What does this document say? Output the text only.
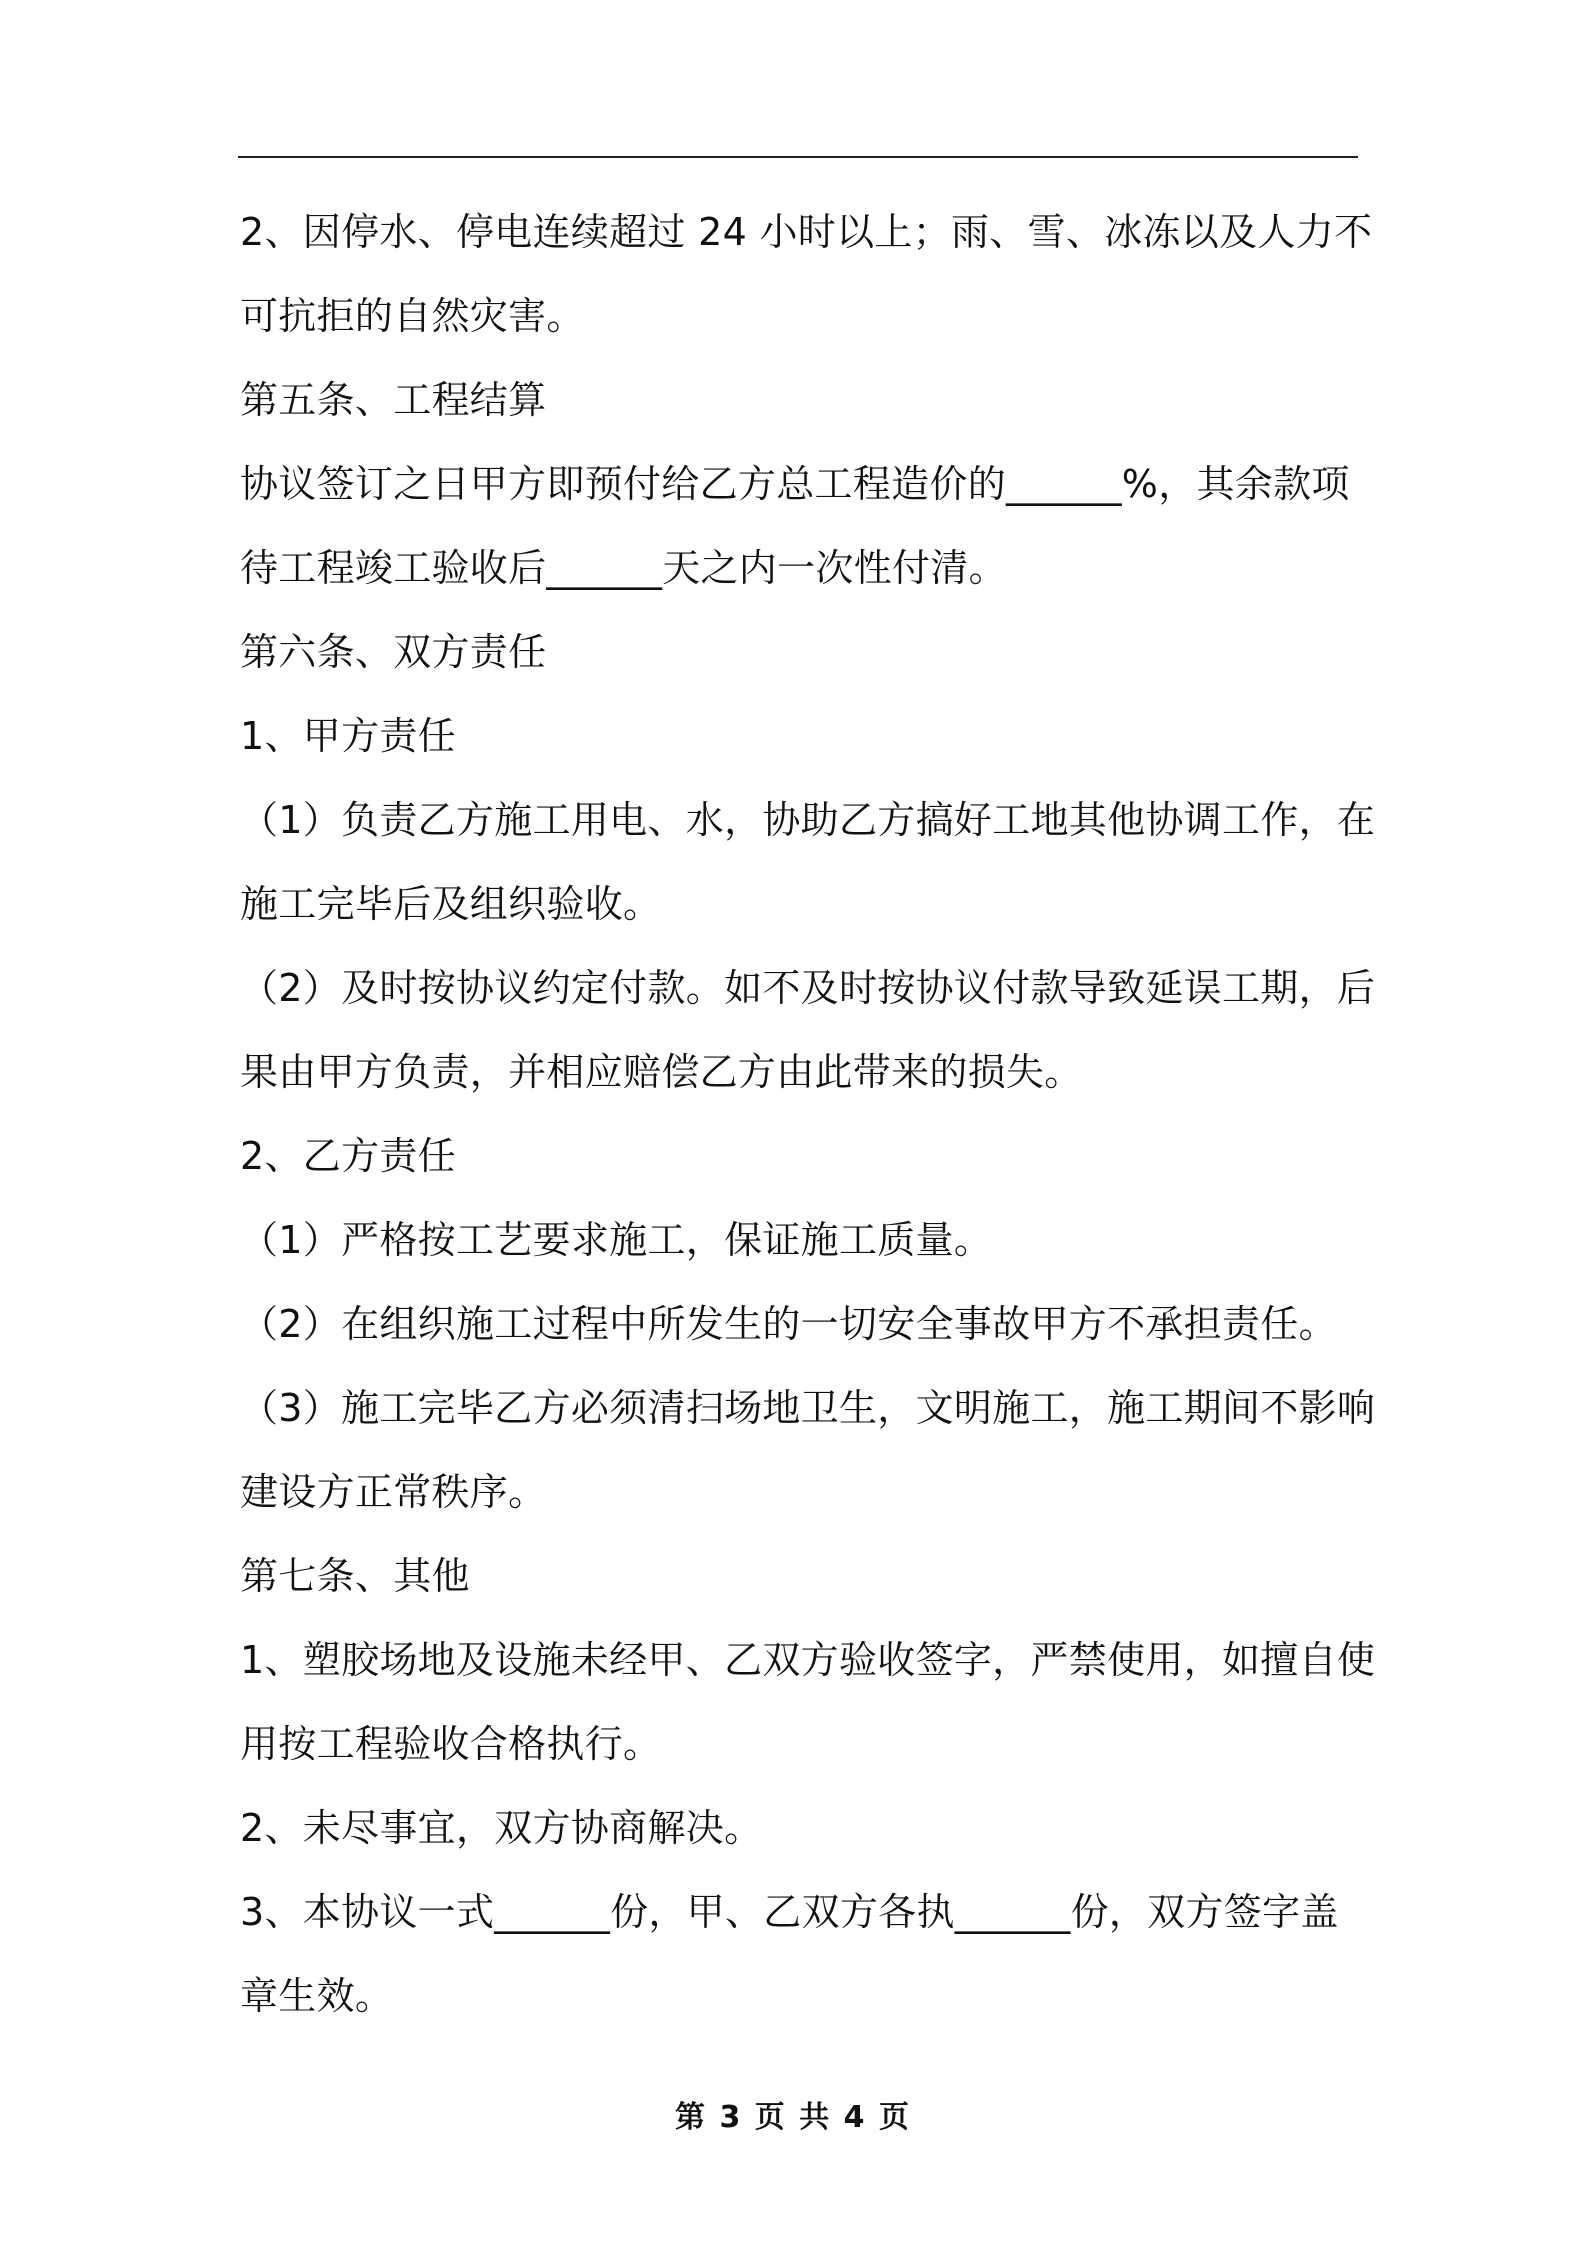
2、因停水、停电连续超过 24 小时以上；雨、雪、冰冻以及人力不
可抗拒的自然灾害。
第五条、工程结算
协议签订之日甲方即预付给乙方总工程造价的______%，其余款项
待工程竣工验收后______天之内一次性付清。
第六条、双方责任
1、甲方责任
（1）负责乙方施工用电、水，协助乙方搞好工地其他协调工作，在
施工完毕后及组织验收。
（2）及时按协议约定付款。如不及时按协议付款导致延误工期，后
果由甲方负责，并相应赔偿乙方由此带来的损失。
2、乙方责任
（1）严格按工艺要求施工，保证施工质量。
（2）在组织施工过程中所发生的一切安全事故甲方不承担责任。
（3）施工完毕乙方必须清扫场地卫生，文明施工，施工期间不影响
建设方正常秩序。
第七条、其他
1、塑胶场地及设施未经甲、乙双方验收签字，严禁使用，如擅自使
用按工程验收合格执行。
2、未尽事宜，双方协商解决。
3、本协议一式______份，甲、乙双方各执______份，双方签字盖
章生效。
第 3 页 共 4 页
